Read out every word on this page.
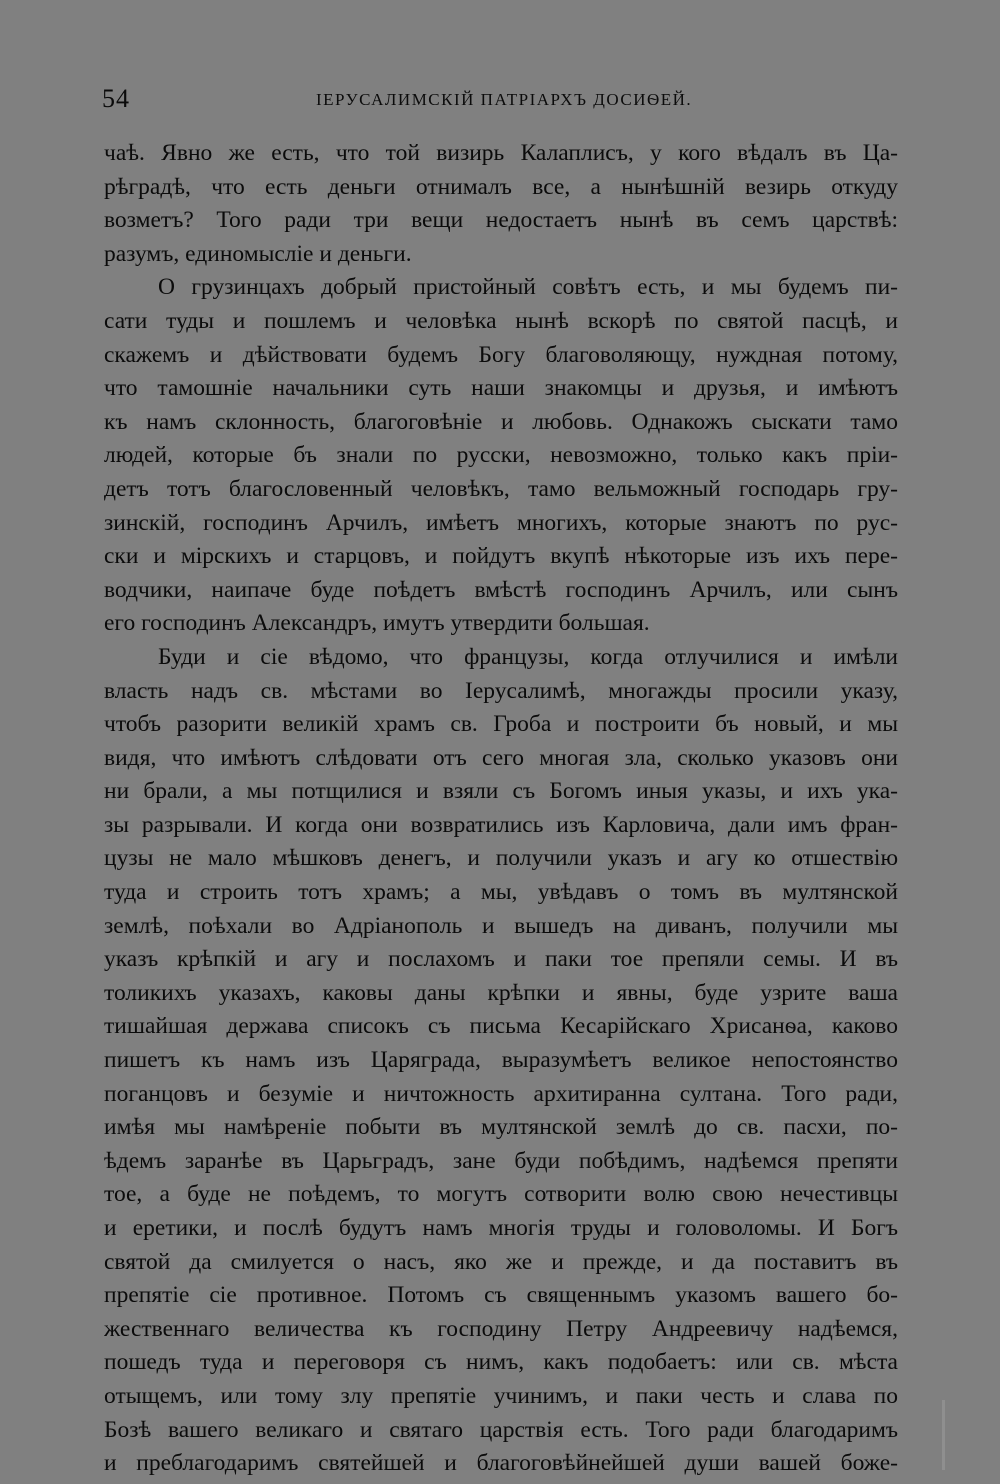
54	ІЕРУСАЛИМСКІЙ ПАТРІАРХЪ ДОСИѲЕЙ.
чаѣ. Явно же есть, что той визирь Калаплисъ, у кого вѣдалъ въ Ца-
рѣградѣ, что есть деньги отнималъ все, а нынѣшній везирь откуду
возметъ? Того ради три вещи недостаетъ нынѣ въ семъ царствѣ:
разумъ, единомысліе и деньги.
О грузинцахъ добрый пристойный совѣтъ есть, и мы будемъ пи-
сати туды и пошлемъ и человѣка нынѣ вскорѣ по святой пасцѣ, и
скажемъ и дѣйствовати будемъ Богу благоволяющу, нуждная потому,
что тамошніе начальники суть наши знакомцы и друзья, и имѣютъ
къ намъ склонность, благоговѣніе и любовь. Однакожъ сыскати тамо
людей, которые бъ знали по русски, невозможно, только какъ прiи-
детъ тотъ благословенный человѣкъ, тамо вельможный господарь гру-
зинскій, господинъ Арчилъ, имѣетъ многихъ, которые знаютъ по рус-
ски и мірскихъ и старцовъ, и пойдутъ вкупѣ нѣкоторые изъ ихъ пере-
водчики, наипаче буде поѣдетъ вмѣстѣ господинъ Арчилъ, или сынъ
его господинъ Александръ, имутъ утвердити большая.
Буди и сіе вѣдомо, что французы, когда отлучилися и имѣли
власть надъ св. мѣстами во Іерусалимѣ, многажды просили указу,
чтобъ разорити великій храмъ св. Гроба и построити бъ новый, и мы
видя, что имѣютъ слѣдовати отъ сего многая зла, сколько указовъ они
ни брали, а мы потщилися и взяли съ Богомъ иныя указы, и ихъ ука-
зы разрывали. И когда они возвратились изъ Карловича, дали имъ фран-
цузы не мало мѣшковъ денегъ, и получили указъ и агу ко отшествію
туда и строить тотъ храмъ; а мы, увѣдавъ о томъ въ мултянской
землѣ, поѣхали во Адріанополь и вышедъ на диванъ, получили мы
указъ крѣпкій и агу и послахомъ и паки тое препяли семы. И въ
толикихъ указахъ, каковы даны крѣпки и явны, буде узрите ваша
тишайшая держава списокъ съ письма Кесарійскаго Хрисанѳа, каково
пишетъ къ намъ изъ Царяграда, выразумѣетъ великое непостоянство
поганцовъ и безуміе и ничтожность архитиранна султана. Того ради,
имѣя мы намѣреніе побыти въ мултянской землѣ до св. пасхи, по-
ѣдемъ заранѣе въ Царьградъ, зане буди побѣдимъ, надѣемся препяти
тое, а буде не поѣдемъ, то могутъ сотворити волю свою нечестивцы
и еретики, и послѣ будутъ намъ многія труды и головоломы. И Богъ
святой да смилуется о насъ, яко же и прежде, и да поставитъ въ
препятіе сіе противное. Потомъ съ священнымъ указомъ вашего бо-
жественнаго величества къ господину Петру Андреевичу надѣемся,
пошедъ туда и переговоря съ нимъ, какъ подобаетъ: или св. мѣста
отыщемъ, или тому злу препятіе учинимъ, и паки честь и слава по
Бозѣ вашего великаго и святаго царствія есть. Того ради благодаримъ
и преблагодаримъ святейшей и благоговѣйнейшей души вашей боже-
